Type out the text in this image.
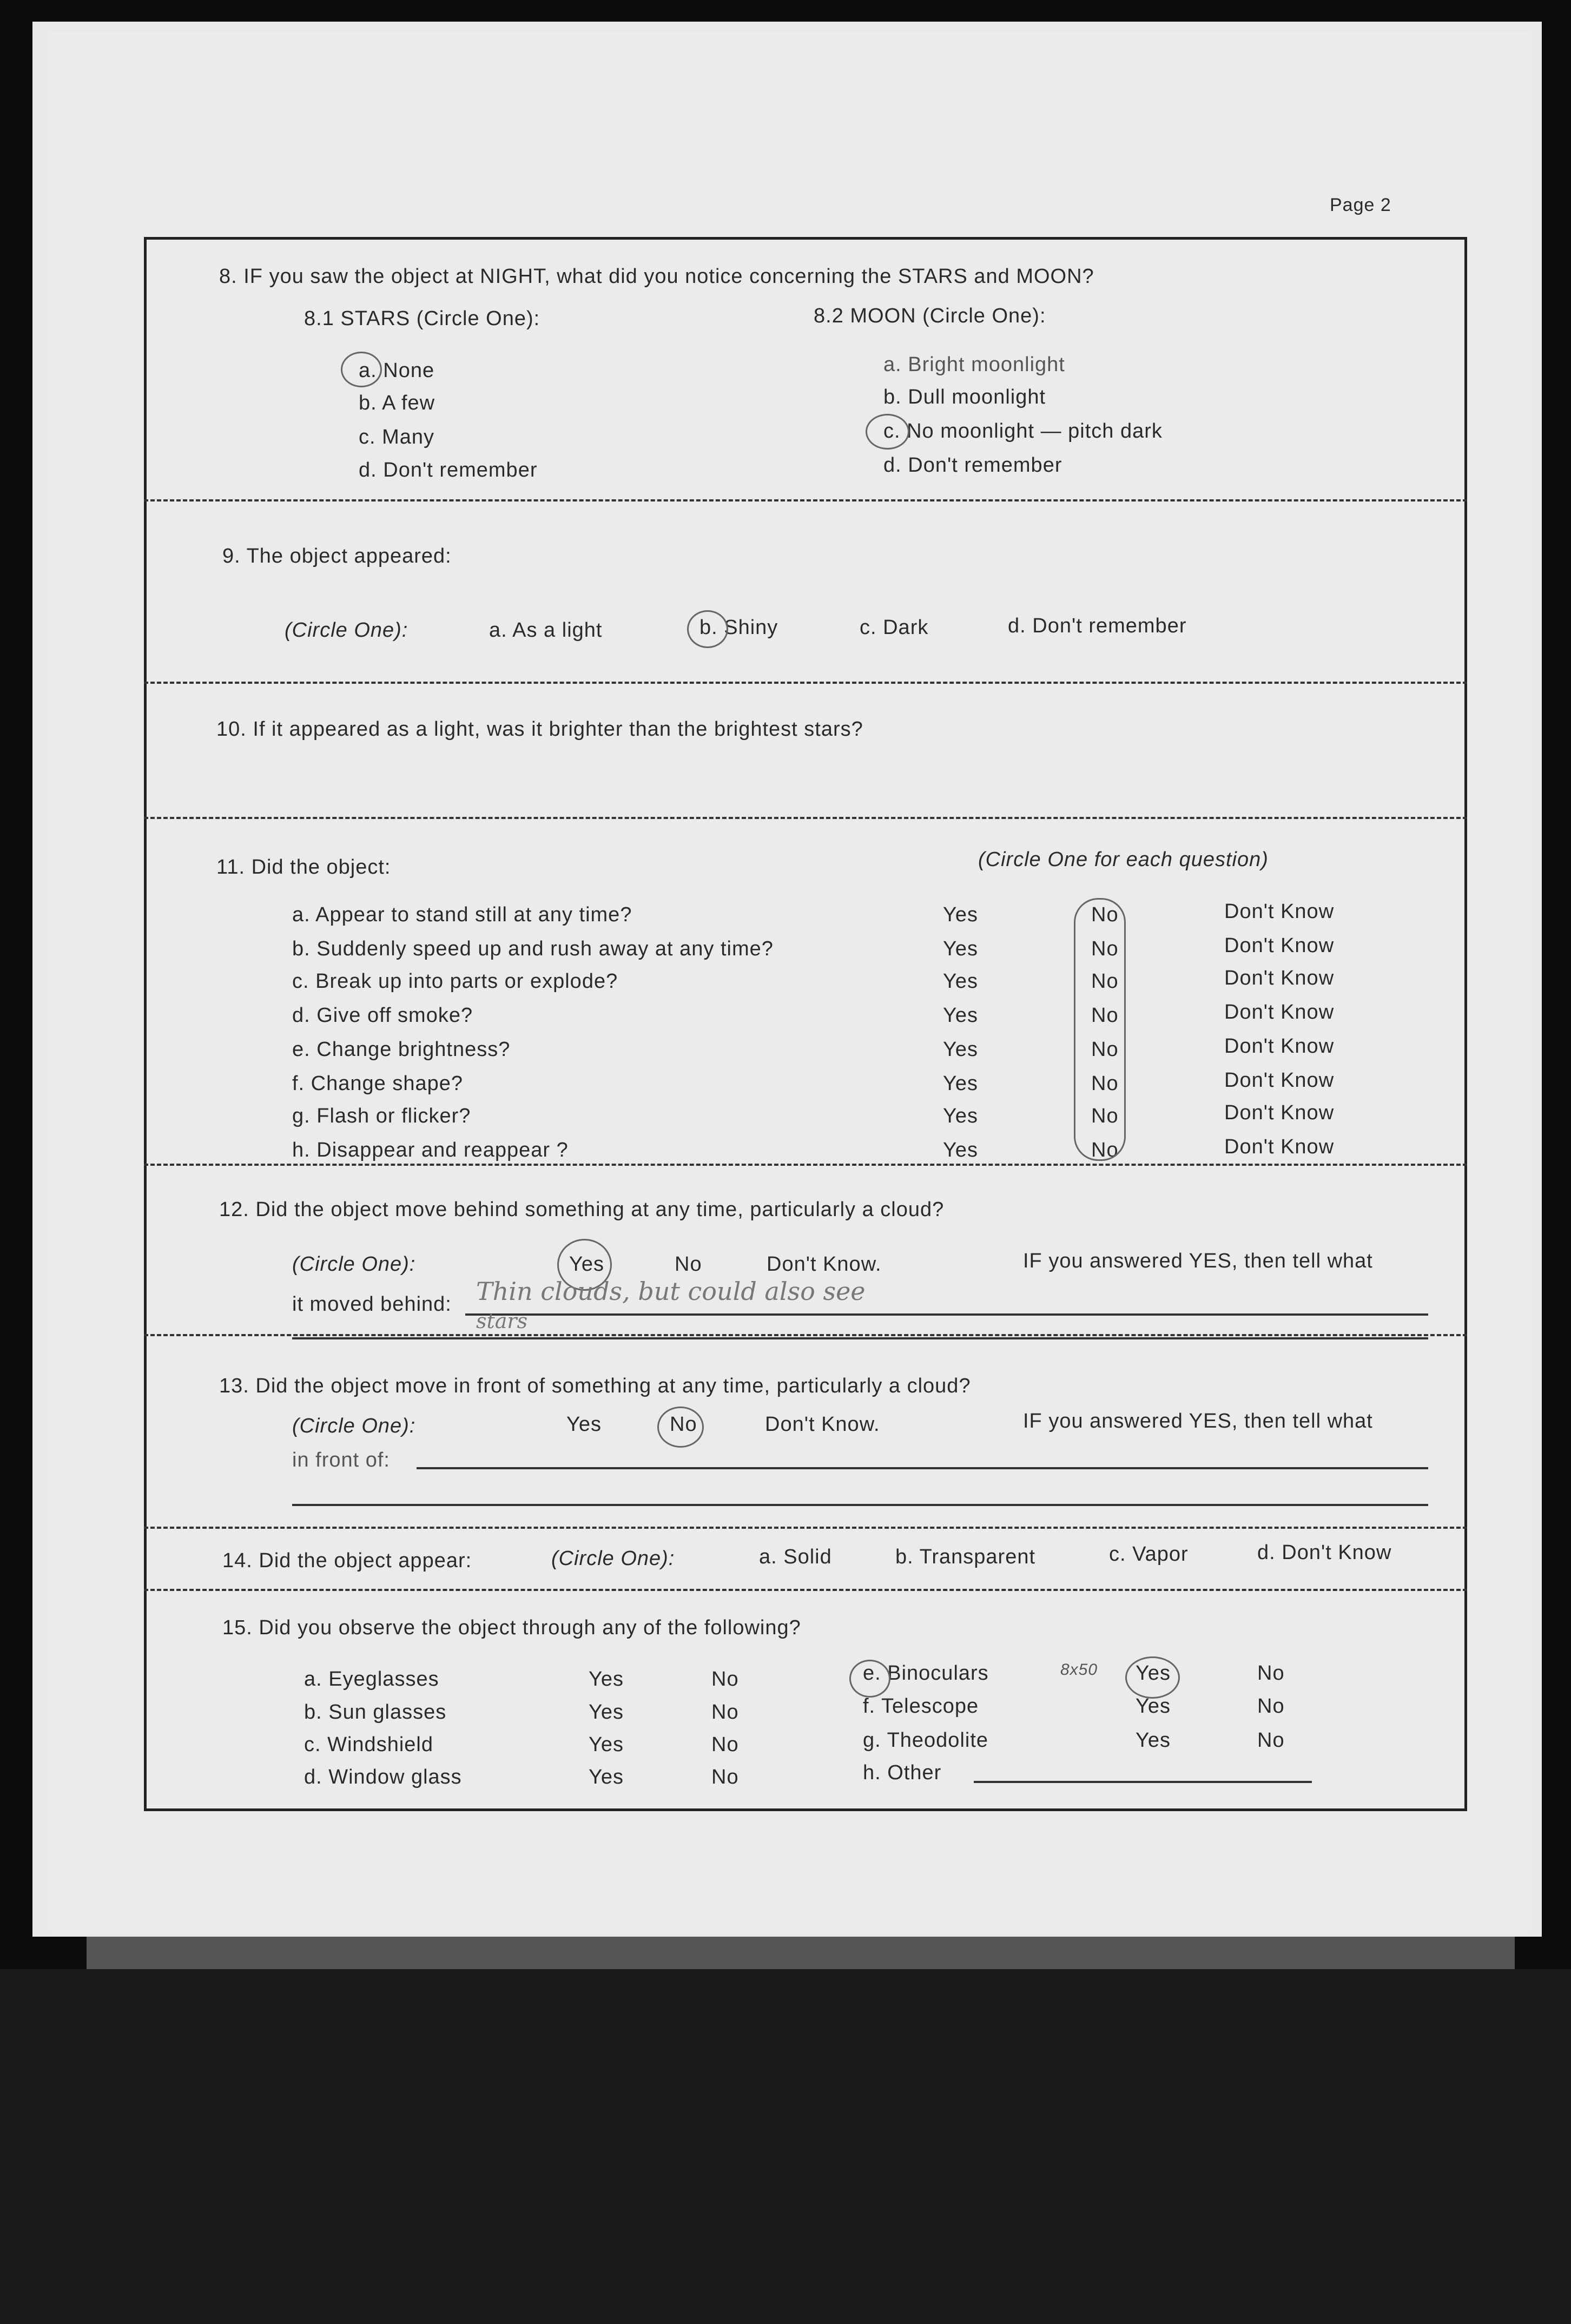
Page 2
8. IF you saw the object at NIGHT, what did you notice concerning the STARS and MOON?
8.1 STARS (Circle One):	8.2 MOON (Circle One):
a. None
b. A few
c. Many
d. Don't remember
a. Bright moonlight
b. Dull moonlight
c. No moonlight — pitch dark
d. Don't remember
9. The object appeared:
(Circle One):	a. As a light	b. Shiny	c. Dark	d. Don't remember
10. If it appeared as a light, was it brighter than the brightest stars?
11. Did the object:	(Circle One for each question)
a. Appear to stand still at any time?	Yes	No	Don't Know
b. Suddenly speed up and rush away at any time?	Yes	No	Don't Know
c. Break up into parts or explode?	Yes	No	Don't Know
d. Give off smoke?	Yes	No	Don't Know
e. Change brightness?	Yes	No	Don't Know
f. Change shape?	Yes	No	Don't Know
g. Flash or flicker?	Yes	No	Don't Know
h. Disappear and reappear ?	Yes	No	Don't Know
12. Did the object move behind something at any time, particularly a cloud?
(Circle One):	Yes	No	Don't Know.	IF you answered YES, then tell what
it moved behind: Thin clouds, but could also see
stars
13. Did the object move in front of something at any time, particularly a cloud?
(Circle One):	Yes	No	Don't Know.	IF you answered YES, then tell what
in front of:
14. Did the object appear:	(Circle One):	a. Solid	b. Transparent	c. Vapor	d. Don't Know
15. Did you observe the object through any of the following?
a. Eyeglasses	Yes	No
b. Sun glasses	Yes	No
c. Windshield	Yes	No
d. Window glass	Yes	No
e. Binoculars	Yes	No
f. Telescope	Yes	No
g. Theodolite	Yes	No
h. Other
8x50
